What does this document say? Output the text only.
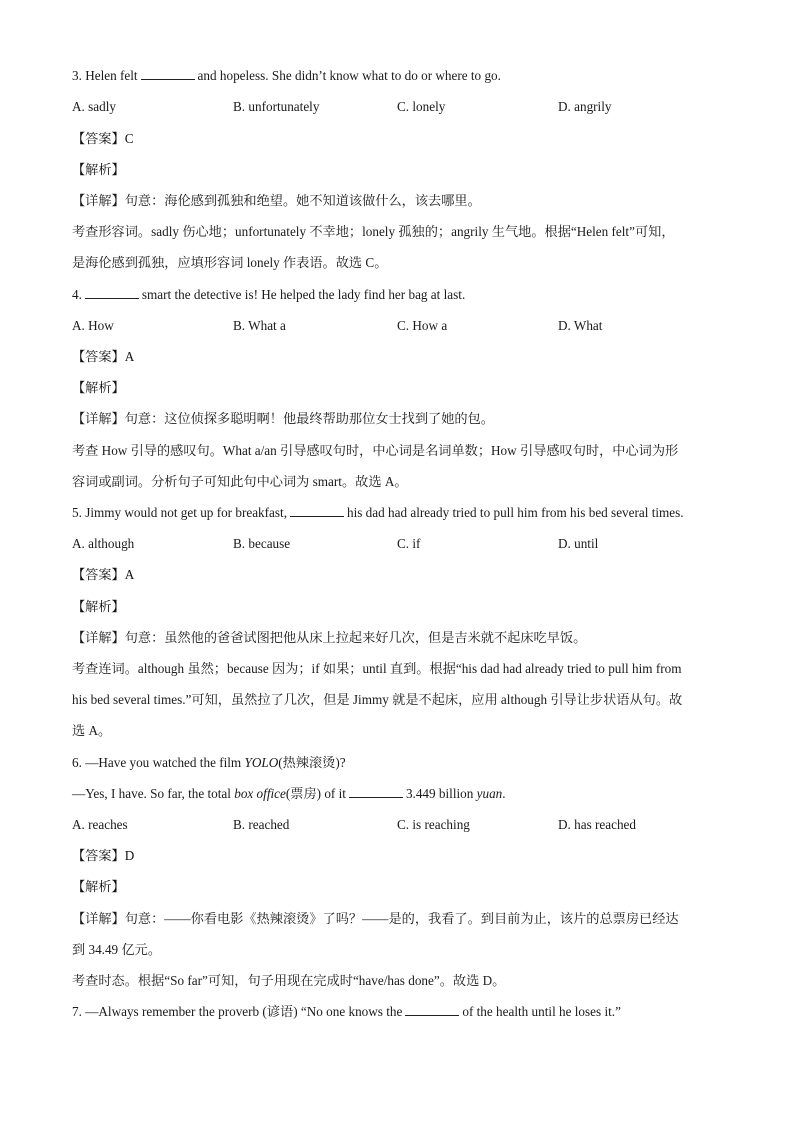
3. Helen felt	and hopeless. She didn’t know what to do or where to go.
A. sadly	B. unfortunately	C. lonely	D. angrily
【答案】C
【解析】
【详解】句意：海伦感到孤独和绝望。她不知道该做什么，该去哪里。
考查形容词。sadly 伤心地；unfortunately 不幸地；lonely 孤独的；angrily 生气地。根据“Helen felt”可知，
是海伦感到孤独，应填形容词 lonely 作表语。故选 C。
4.	smart the detective is! He helped the lady find her bag at last.
A. How	B. What a	C. How a	D. What
【答案】A
【解析】
【详解】句意：这位侦探多聪明啊！他最终帮助那位女士找到了她的包。
考查 How 引导的感叹句。What a/an 引导感叹句时，中心词是名词单数；How 引导感叹句时，中心词为形
容词或副词。分析句子可知此句中心词为 smart。故选 A。
5. Jimmy would not get up for breakfast,	his dad had already tried to pull him from his bed several times.
A. although	B. because	C. if	D. until
【答案】A
【解析】
【详解】句意：虽然他的爸爸试图把他从床上拉起来好几次，但是吉米就不起床吃早饭。
考查连词。although 虽然；because 因为；if 如果；until 直到。根据“his dad had already tried to pull him from
his bed several times.”可知，虽然拉了几次，但是 Jimmy 就是不起床，应用 although 引导让步状语从句。故
选 A。
6. —Have you watched the film YOLO(热辣滚烫)?
—Yes, I have. So far, the total box office(票房) of it	3.449 billion yuan.
A. reaches	B. reached	C. is reaching	D. has reached
【答案】D
【解析】
【详解】句意：——你看电影《热辣滚烫》了吗？——是的，我看了。到目前为止，该片的总票房已经达
到 34.49 亿元。
考查时态。根据“So far”可知，句子用现在完成时“have/has done”。故选 D。
7. —Always remember the proverb (谚语) “No one knows the	of the health until he loses it.”
